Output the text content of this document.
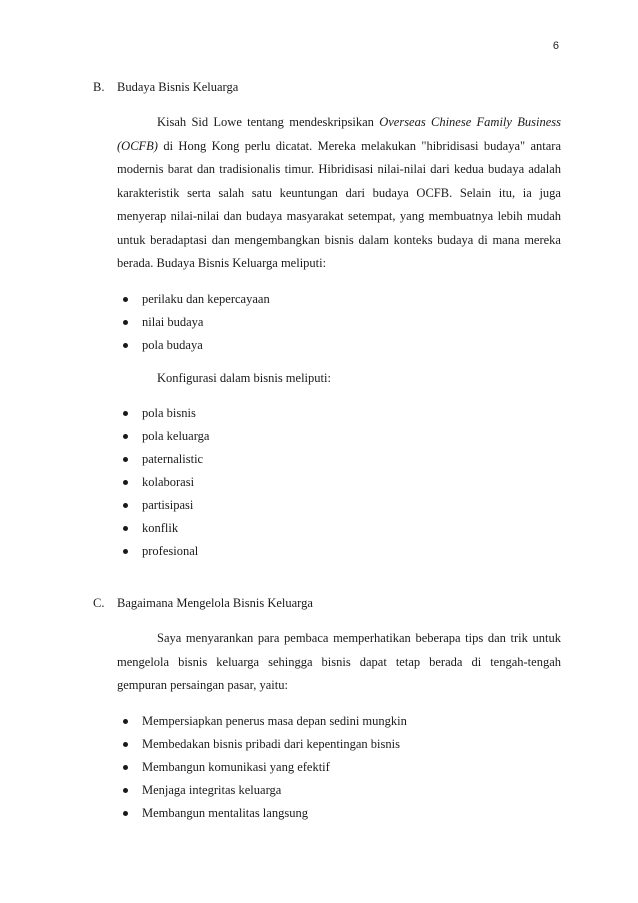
6
B.	Budaya Bisnis Keluarga
Kisah Sid Lowe tentang mendeskripsikan Overseas Chinese Family Business (OCFB) di Hong Kong perlu dicatat. Mereka melakukan "hibridisasi budaya" antara modernis barat dan tradisionalis timur. Hibridisasi nilai-nilai dari kedua budaya adalah karakteristik serta salah satu keuntungan dari budaya OCFB. Selain itu, ia juga menyerap nilai-nilai dan budaya masyarakat setempat, yang membuatnya lebih mudah untuk beradaptasi dan mengembangkan bisnis dalam konteks budaya di mana mereka berada. Budaya Bisnis Keluarga meliputi:
perilaku dan kepercayaan
nilai budaya
pola budaya
Konfigurasi dalam bisnis meliputi:
pola bisnis
pola keluarga
paternalistic
kolaborasi
partisipasi
konflik
profesional
C.	Bagaimana Mengelola Bisnis Keluarga
Saya menyarankan para pembaca memperhatikan beberapa tips dan trik untuk mengelola bisnis keluarga sehingga bisnis dapat tetap berada di tengah-tengah gempuran persaingan pasar, yaitu:
Mempersiapkan penerus masa depan sedini mungkin
Membedakan bisnis pribadi dari kepentingan bisnis
Membangun komunikasi yang efektif
Menjaga integritas keluarga
Membangun mentalitas langsung
